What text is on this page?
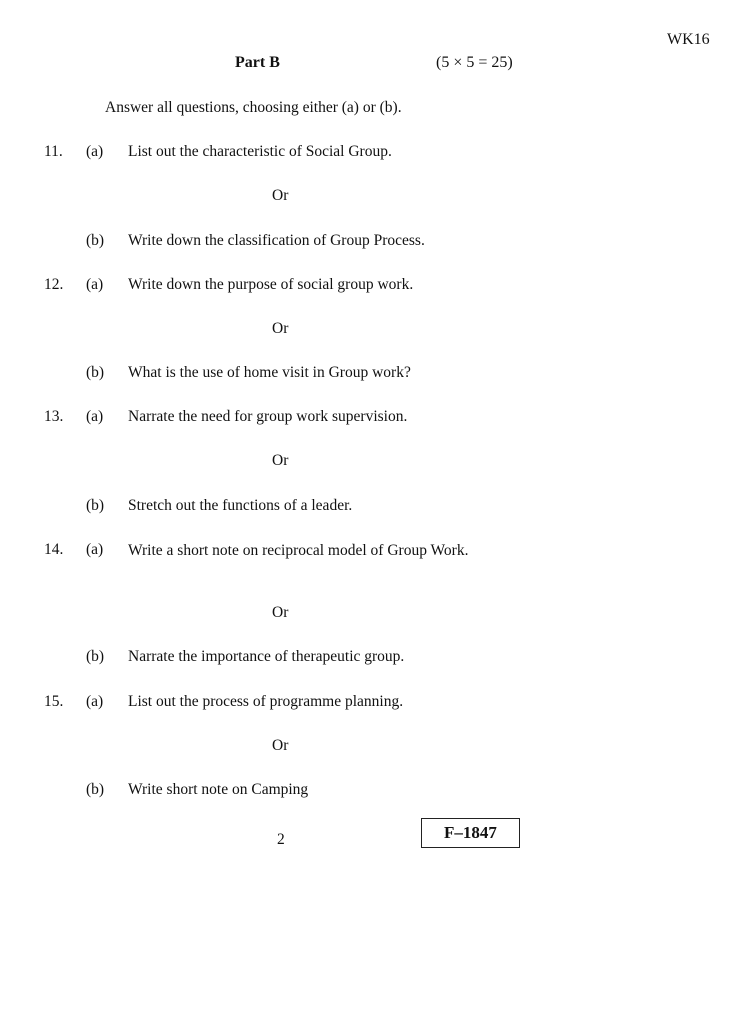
WK16
Part B	(5 × 5 = 25)
Answer all questions, choosing either (a) or (b).
11. (a) List out the characteristic of Social Group.
Or
(b) Write down the classification of Group Process.
12. (a) Write down the purpose of social group work.
Or
(b) What is the use of home visit in Group work?
13. (a) Narrate the need for group work supervision.
Or
(b) Stretch out the functions of a leader.
14. (a) Write a short note on reciprocal model of Group Work.
Or
(b) Narrate the importance of therapeutic group.
15. (a) List out the process of programme planning.
Or
(b) Write short note on Camping
2	F–1847
